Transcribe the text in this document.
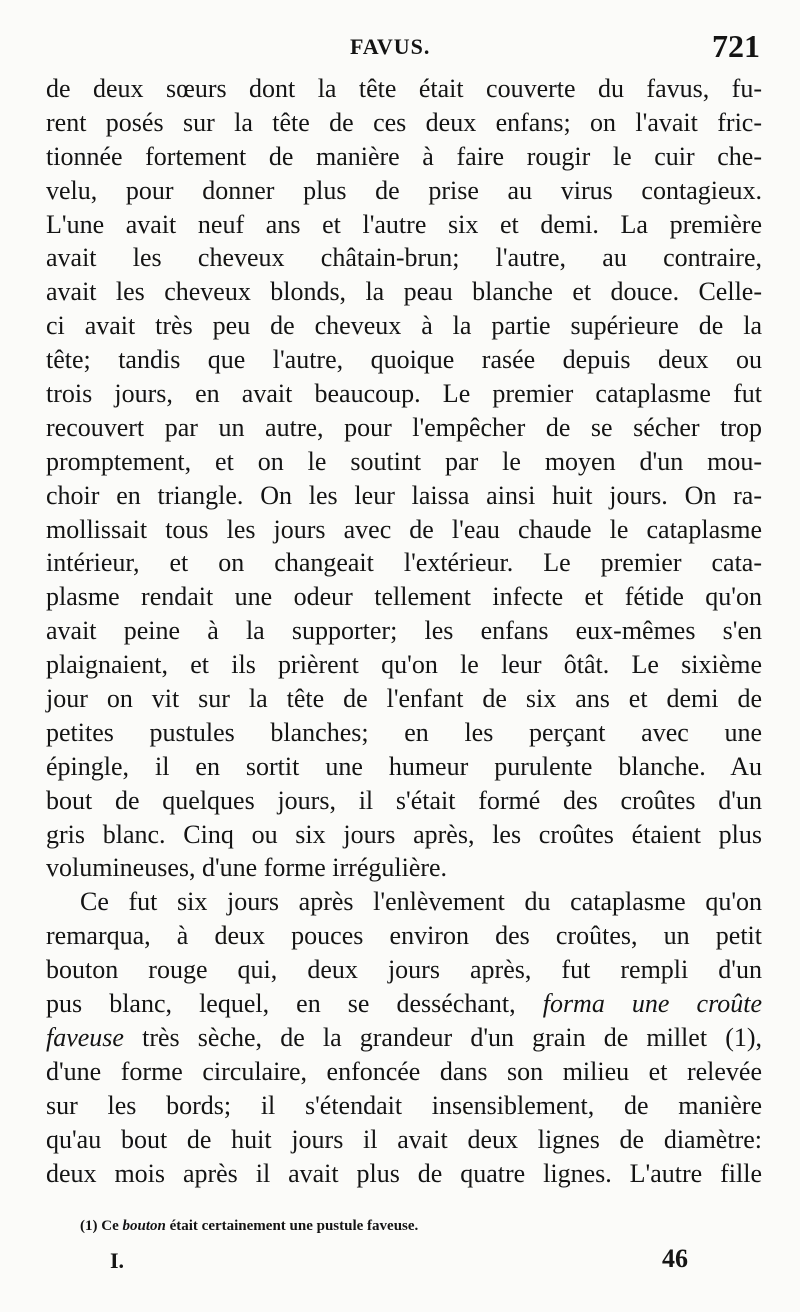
FAVUS.	721
de deux sœurs dont la tête était couverte du favus, fu-
rent posés sur la tête de ces deux enfans; on l'avait fric-
tionnée fortement de manière à faire rougir le cuir che-
velu, pour donner plus de prise au virus contagieux.
L'une avait neuf ans et l'autre six et demi. La première
avait les cheveux châtain-brun; l'autre, au contraire,
avait les cheveux blonds, la peau blanche et douce. Celle-
ci avait très peu de cheveux à la partie supérieure de la
tête; tandis que l'autre, quoique rasée depuis deux ou
trois jours, en avait beaucoup. Le premier cataplasme fut
recouvert par un autre, pour l'empêcher de se sécher trop
promptement, et on le soutint par le moyen d'un mou-
choir en triangle. On les leur laissa ainsi huit jours. On ra-
mollissait tous les jours avec de l'eau chaude le cataplasme
intérieur, et on changeait l'extérieur. Le premier cata-
plasme rendait une odeur tellement infecte et fétide qu'on
avait peine à la supporter; les enfans eux-mêmes s'en
plaignaient, et ils prièrent qu'on le leur ôtât. Le sixième
jour on vit sur la tête de l'enfant de six ans et demi de
petites pustules blanches; en les perçant avec une
épingle, il en sortit une humeur purulente blanche. Au
bout de quelques jours, il s'était formé des croûtes d'un
gris blanc. Cinq ou six jours après, les croûtes étaient plus
volumineuses, d'une forme irrégulière.
Ce fut six jours après l'enlèvement du cataplasme qu'on
remarqua, à deux pouces environ des croûtes, un petit
bouton rouge qui, deux jours après, fut rempli d'un
pus blanc, lequel, en se desséchant, forma une croûte
faveuse très sèche, de la grandeur d'un grain de millet (1),
d'une forme circulaire, enfoncée dans son milieu et relevée
sur les bords; il s'étendait insensiblement, de manière
qu'au bout de huit jours il avait deux lignes de diamètre:
deux mois après il avait plus de quatre lignes. L'autre fille
(1) Ce bouton était certainement une pustule faveuse.
I.	46
